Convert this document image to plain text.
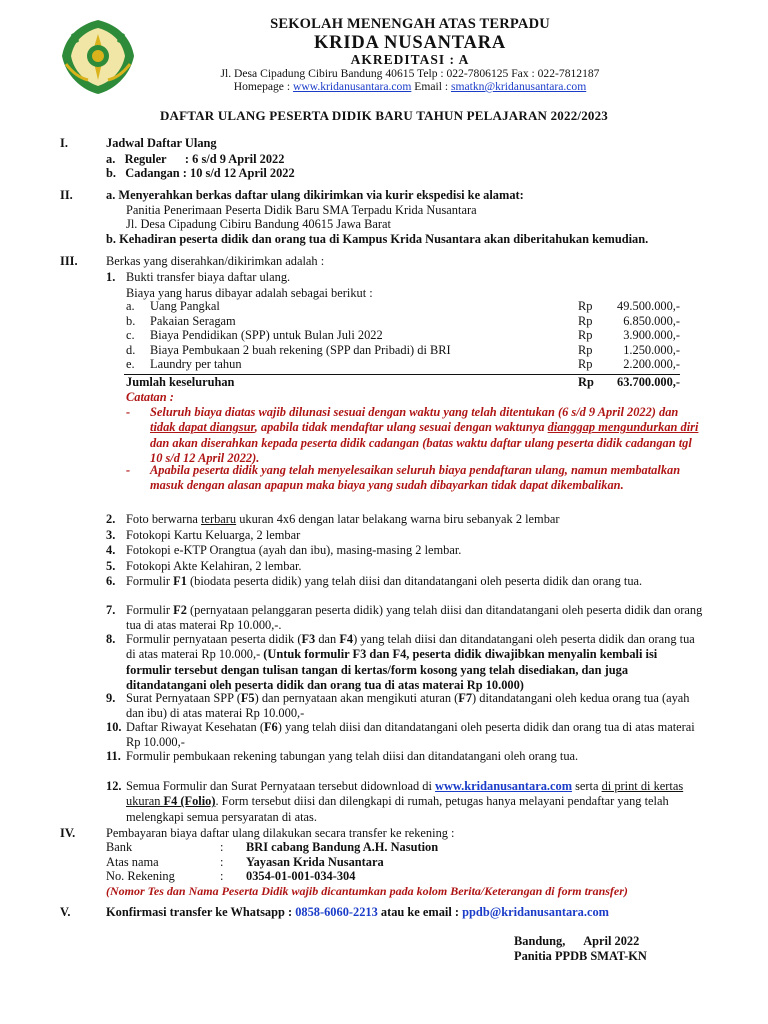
SEKOLAH MENENGAH ATAS TERPADU
KRIDA NUSANTARA
AKREDITASI : A
Jl. Desa Cipadung Cibiru Bandung 40615 Telp : 022-7806125 Fax : 022-7812187
Homepage : www.kridanusantara.com Email : smatkn@kridanusantara.com
DAFTAR ULANG PESERTA DIDIK BARU TAHUN PELAJARAN 2022/2023
I.	Jadwal Daftar Ulang
a.   Reguler      : 6 s/d 9 April 2022
b.   Cadangan : 10 s/d 12 April 2022
II.	a. Menyerahkan berkas daftar ulang dikirimkan via kurir ekspedisi ke alamat:
Panitia Penerimaan Peserta Didik Baru SMA Terpadu Krida Nusantara
Jl. Desa Cipadung Cibiru Bandung 40615 Jawa Barat
b. Kehadiran peserta didik dan orang tua di Kampus Krida Nusantara akan diberitahukan kemudian.
III. Berkas yang diserahkan/dikirimkan adalah :
1. Bukti transfer biaya daftar ulang.
Biaya yang harus dibayar adalah sebagai berikut :
a. Uang Pangkal	Rp	49.500.000,-
b. Pakaian Seragam	Rp	6.850.000,-
c. Biaya Pendidikan (SPP) untuk Bulan Juli 2022	Rp	3.900.000,-
d. Biaya Pembukaan 2 buah rekening (SPP dan Pribadi) di BRI	Rp	1.250.000,-
e. Laundry per tahun	Rp	2.200.000,-
Jumlah keseluruhan	Rp	63.700.000,-
Catatan :
- Seluruh biaya diatas wajib dilunasi sesuai dengan waktu yang telah ditentukan (6 s/d 9 April 2022) dan tidak dapat diangsur, apabila tidak mendaftar ulang sesuai dengan waktunya dianggap mengundurkan diri dan akan diserahkan kepada peserta didik cadangan (batas waktu daftar ulang peserta didik cadangan tgl 10 s/d 12 April 2022).
- Apabila peserta didik yang telah menyelesaikan seluruh biaya pendaftaran ulang, namun membatalkan masuk dengan alasan apapun maka biaya yang sudah dibayarkan tidak dapat dikembalikan.
2. Foto berwarna terbaru ukuran 4x6 dengan latar belakang warna biru sebanyak 2 lembar
3. Fotokopi Kartu Keluarga, 2 lembar
4. Fotokopi e-KTP Orangtua (ayah dan ibu), masing-masing 2 lembar.
5. Fotokopi Akte Kelahiran, 2 lembar.
6. Formulir F1 (biodata peserta didik) yang telah diisi dan ditandatangani oleh peserta didik dan orang tua.
7. Formulir F2 (pernyataan pelanggaran peserta didik) yang telah diisi dan ditandatangani oleh peserta didik dan orang tua di atas materai Rp 10.000,-.
8. Formulir pernyataan peserta didik (F3 dan F4) yang telah diisi dan ditandatangani oleh peserta didik dan orang tua di atas materai Rp 10.000,- (Untuk formulir F3 dan F4, peserta didik diwajibkan menyalin kembali isi formulir tersebut dengan tulisan tangan di kertas/form kosong yang telah disediakan, dan juga ditandatangani oleh peserta didik dan orang tua di atas materai Rp 10.000)
9. Surat Pernyataan SPP (F5) dan pernyataan akan mengikuti aturan (F7) ditandatangani oleh kedua orang tua (ayah dan ibu) di atas materai Rp 10.000,-
10. Daftar Riwayat Kesehatan (F6) yang telah diisi dan ditandatangani oleh peserta didik dan orang tua di atas materai Rp 10.000,-
11. Formulir pembukaan rekening tabungan yang telah diisi dan ditandatangani oleh orang tua.
12. Semua Formulir dan Surat Pernyataan tersebut didownload di www.kridanusantara.com serta di print di kertas ukuran F4 (Folio). Form tersebut diisi dan dilengkapi di rumah, petugas hanya melayani pendaftar yang telah melengkapi semua persyaratan di atas.
IV. Pembayaran biaya daftar ulang dilakukan secara transfer ke rekening :
Bank	: BRI cabang Bandung A.H. Nasution
Atas nama	: Yayasan Krida Nusantara
No. Rekening	: 0354-01-001-034-304
(Nomor Tes dan Nama Peserta Didik wajib dicantumkan pada kolom Berita/Keterangan di form transfer)
V.	Konfirmasi transfer ke Whatsapp : 0858-6060-2213 atau ke email : ppdb@kridanusantara.com
Bandung,      April 2022
Panitia PPDB SMAT-KN
